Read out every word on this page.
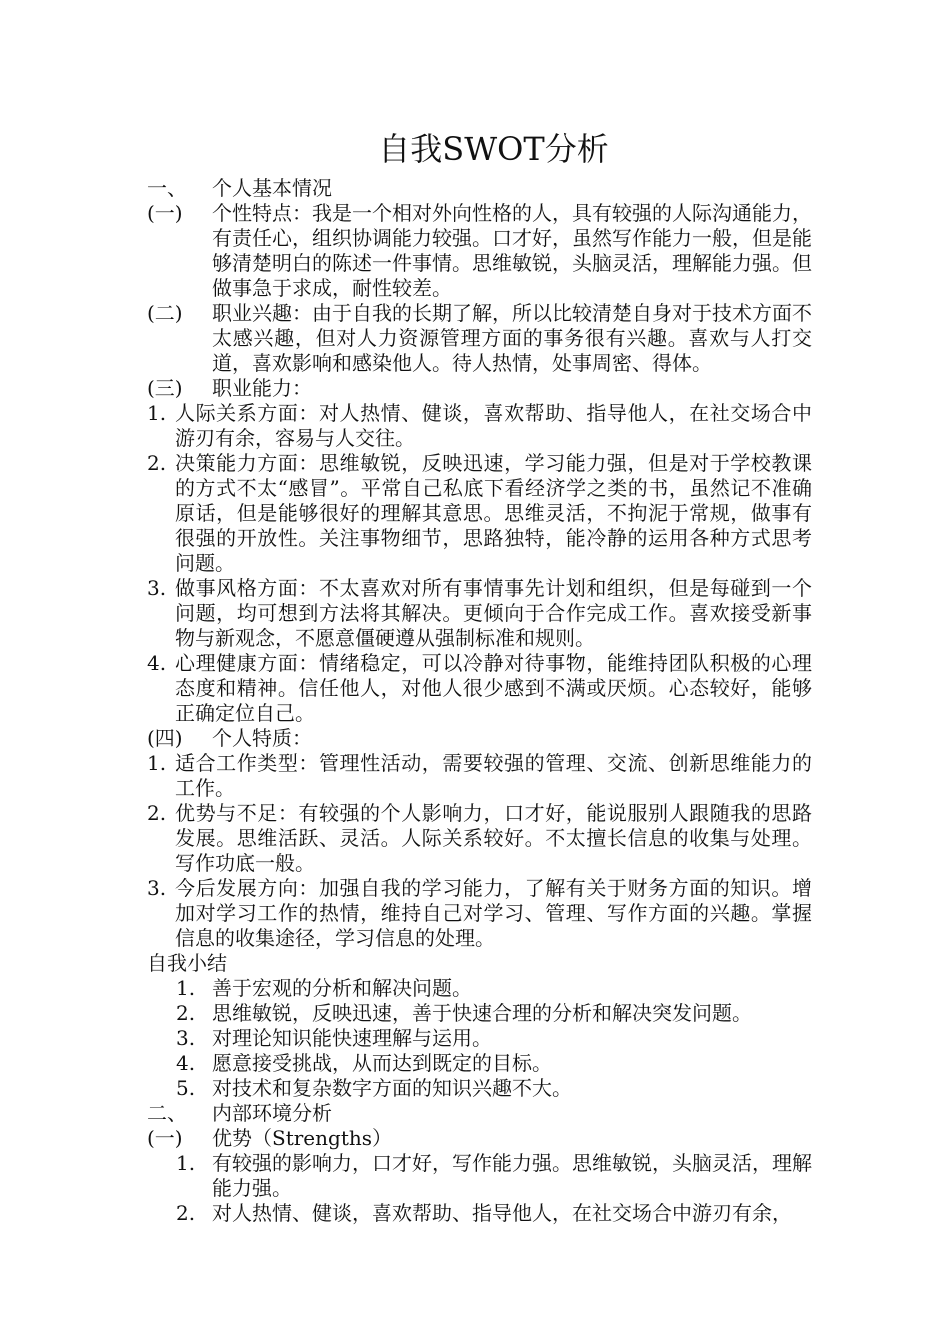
自我SWOT分析
一、	个人基本情况
(一)	个性特点：我是一个相对外向性格的人，具有较强的人际沟通能力，有责任心，组织协调能力较强。口才好，虽然写作能力一般，但是能够清楚明白的陈述一件事情。思维敏锐，头脑灵活，理解能力强。但做事急于求成，耐性较差。
(二)	职业兴趣：由于自我的长期了解，所以比较清楚自身对于技术方面不太感兴趣，但对人力资源管理方面的事务很有兴趣。喜欢与人打交道，喜欢影响和感染他人。待人热情，处事周密、得体。
(三)	职业能力：
1. 人际关系方面：对人热情、健谈，喜欢帮助、指导他人，在社交场合中游刃有余，容易与人交往。
2. 决策能力方面：思维敏锐，反映迅速，学习能力强，但是对于学校教课的方式不太“感冒”。平常自己私底下看经济学之类的书，虽然记不准确原话，但是能够很好的理解其意思。思维灵活，不拘泥于常规，做事有很强的开放性。关注事物细节，思路独特，能冷静的运用各种方式思考问题。
3. 做事风格方面：不太喜欢对所有事情事先计划和组织，但是每碰到一个问题，均可想到方法将其解决。更倾向于合作完成工作。喜欢接受新事物与新观念，不愿意僵硬遵从强制标准和规则。
4. 心理健康方面：情绪稳定，可以冷静对待事物，能维持团队积极的心理态度和精神。信任他人，对他人很少感到不满或厌烦。心态较好，能够正确定位自己。
(四)	个人特质：
1. 适合工作类型：管理性活动，需要较强的管理、交流、创新思维能力的工作。
2. 优势与不足：有较强的个人影响力，口才好，能说服别人跟随我的思路发展。思维活跃、灵活。人际关系较好。不太擅长信息的收集与处理。写作功底一般。
3. 今后发展方向：加强自我的学习能力，了解有关于财务方面的知识。增加对学习工作的热情，维持自己对学习、管理、写作方面的兴趣。掌握信息的收集途径，学习信息的处理。
自我小结
1. 善于宏观的分析和解决问题。
2. 思维敏锐，反映迅速，善于快速合理的分析和解决突发问题。
3. 对理论知识能快速理解与运用。
4. 愿意接受挑战，从而达到既定的目标。
5. 对技术和复杂数字方面的知识兴趣不大。
二、	内部环境分析
(一)	优势（Strengths）
1. 有较强的影响力，口才好，写作能力强。思维敏锐，头脑灵活，理解能力强。
2. 对人热情、健谈，喜欢帮助、指导他人，在社交场合中游刃有余，
